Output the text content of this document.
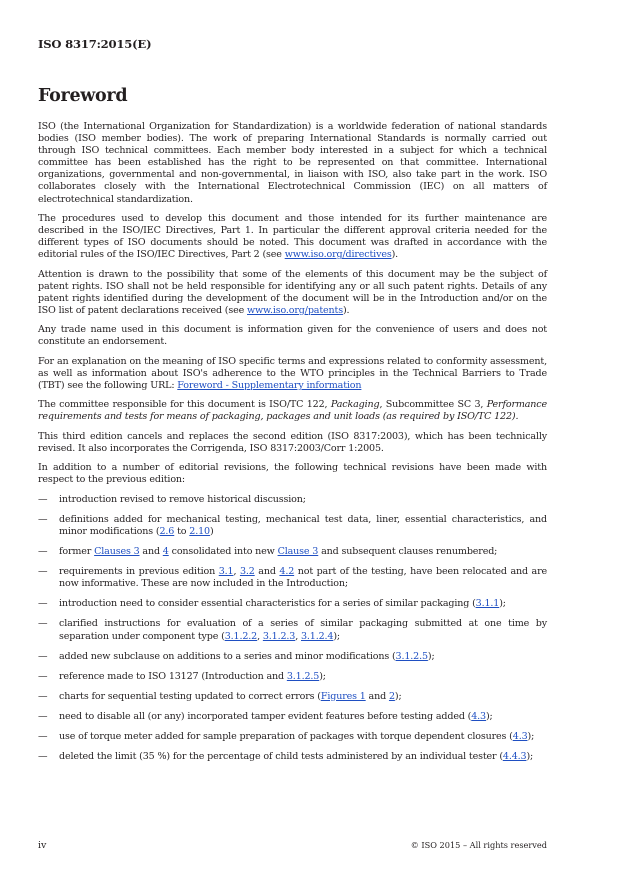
ISO 8317:2015(E)
Foreword

ISO (the International Organization for Standardization) is a worldwide federation of national standards bodies (ISO member bodies). The work of preparing International Standards is normally carried out through ISO technical committees. Each member body interested in a subject for which a technical committee has been established has the right to be represented on that committee. International organizations, governmental and non-governmental, in liaison with ISO, also take part in the work. ISO collaborates closely with the International Electrotechnical Commission (IEC) on all matters of electrotechnical standardization.

The procedures used to develop this document and those intended for its further maintenance are described in the ISO/IEC Directives, Part 1. In particular the different approval criteria needed for the different types of ISO documents should be noted. This document was drafted in accordance with the editorial rules of the ISO/IEC Directives, Part 2 (see www.iso.org/directives).

Attention is drawn to the possibility that some of the elements of this document may be the subject of patent rights. ISO shall not be held responsible for identifying any or all such patent rights. Details of any patent rights identified during the development of the document will be in the Introduction and/or on the ISO list of patent declarations received (see www.iso.org/patents).

Any trade name used in this document is information given for the convenience of users and does not constitute an endorsement.

For an explanation on the meaning of ISO specific terms and expressions related to conformity assessment, as well as information about ISO's adherence to the WTO principles in the Technical Barriers to Trade (TBT) see the following URL: Foreword - Supplementary information

The committee responsible for this document is ISO/TC 122, Packaging, Subcommittee SC 3, Performance requirements and tests for means of packaging, packages and unit loads (as required by ISO/TC 122).

This third edition cancels and replaces the second edition (ISO 8317:2003), which has been technically revised. It also incorporates the Corrigenda, ISO 8317:2003/Corr 1:2005.

In addition to a number of editorial revisions, the following technical revisions have been made with respect to the previous edition:

— introduction revised to remove historical discussion;
— definitions added for mechanical testing, mechanical test data, liner, essential characteristics, and minor modifications (2.6 to 2.10)
— former Clauses 3 and 4 consolidated into new Clause 3 and subsequent clauses renumbered;
— requirements in previous edition 3.1, 3.2 and 4.2 not part of the testing, have been relocated and are now informative. These are now included in the Introduction;
— introduction need to consider essential characteristics for a series of similar packaging (3.1.1);
— clarified instructions for evaluation of a series of similar packaging submitted at one time by separation under component type (3.1.2.2, 3.1.2.3, 3.1.2.4);
— added new subclause on additions to a series and minor modifications (3.1.2.5);
— reference made to ISO 13127 (Introduction and 3.1.2.5);
— charts for sequential testing updated to correct errors (Figures 1 and 2);
— need to disable all (or any) incorporated tamper evident features before testing added (4.3);
— use of torque meter added for sample preparation of packages with torque dependent closures (4.3);
— deleted the limit (35 %) for the percentage of child tests administered by an individual tester (4.4.3);
iv	© ISO 2015 – All rights reserved
